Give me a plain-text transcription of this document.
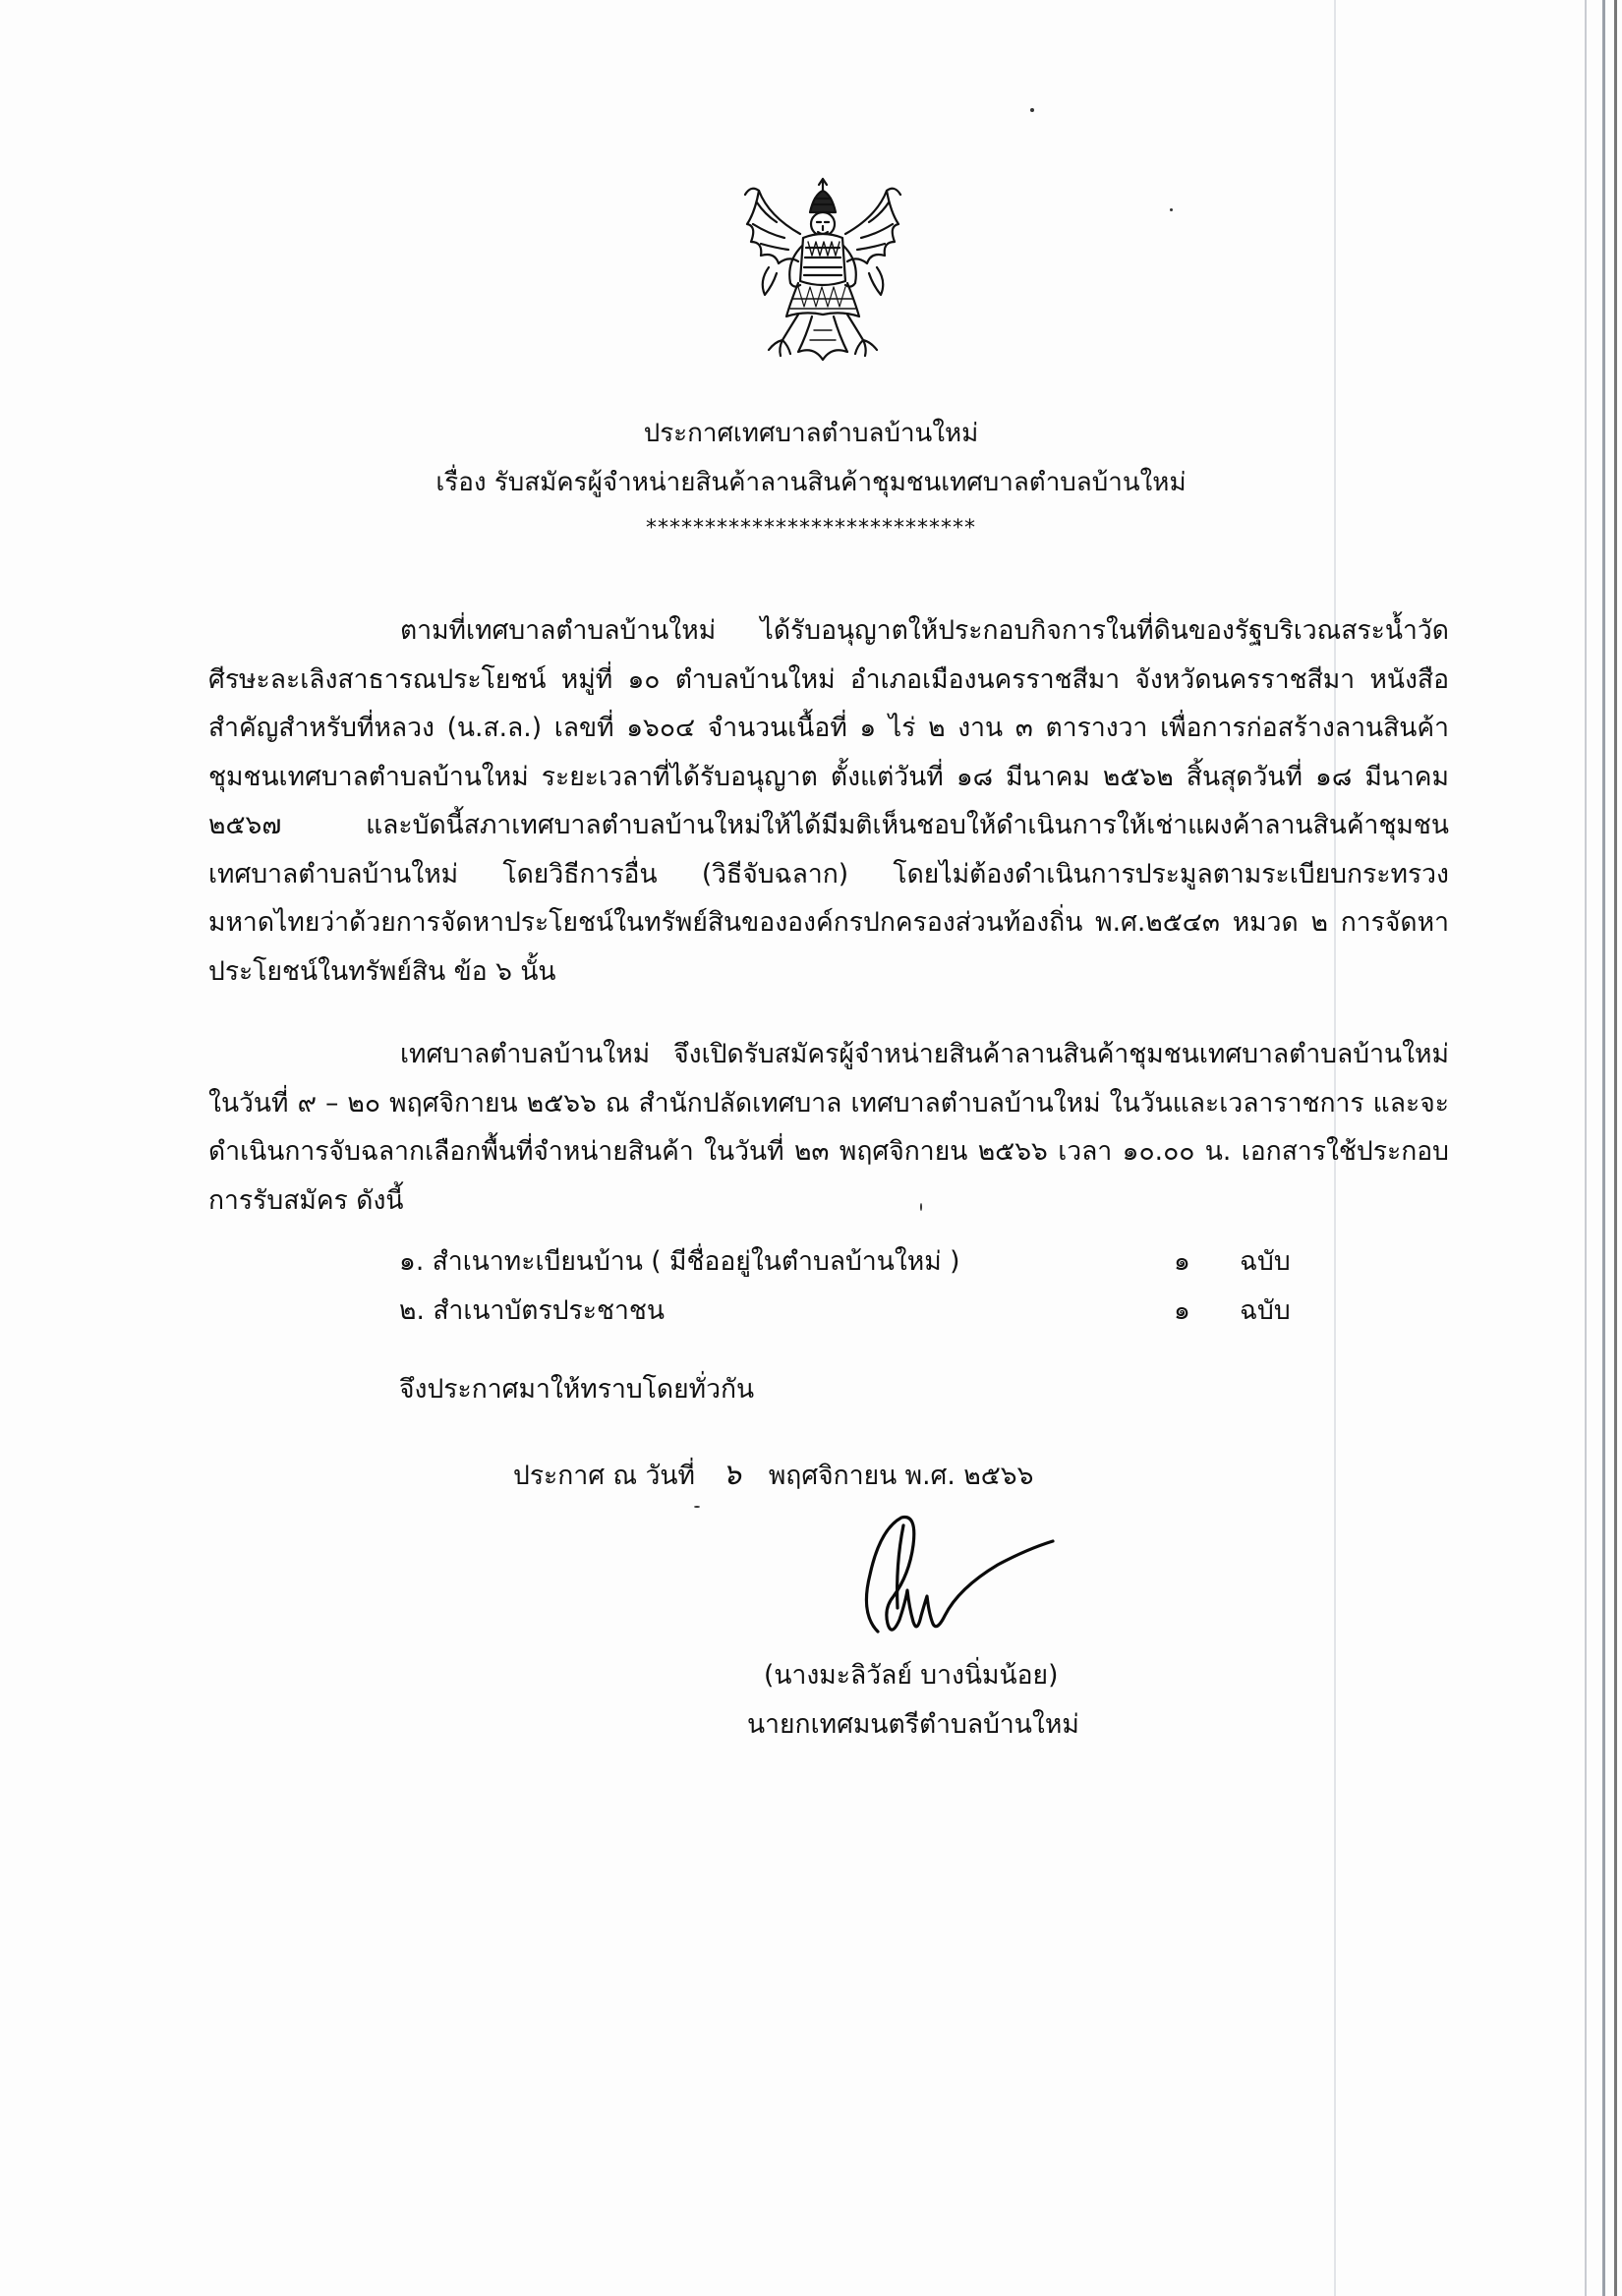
ประกาศเทศบาลตำบลบ้านใหม่
เรื่อง รับสมัครผู้จำหน่ายสินค้าลานสินค้าชุมชนเทศบาลตำบลบ้านใหม่
****************************

ตามที่เทศบาลตำบลบ้านใหม่ ได้รับอนุญาตให้ประกอบกิจการในที่ดินของรัฐบริเวณสระน้ำวัดศีรษะละเลิงสาธารณประโยชน์ หมู่ที่ ๑๐ ตำบลบ้านใหม่ อำเภอเมืองนครราชสีมา จังหวัดนครราชสีมา หนังสือสำคัญสำหรับที่หลวง (น.ส.ล.) เลขที่ ๑๖๐๔ จำนวนเนื้อที่ ๑ ไร่ ๒ งาน ๓ ตารางวา เพื่อการก่อสร้างลานสินค้าชุมชนเทศบาลตำบลบ้านใหม่ ระยะเวลาที่ได้รับอนุญาต ตั้งแต่วันที่ ๑๘ มีนาคม ๒๕๖๒ สิ้นสุดวันที่ ๑๘ มีนาคม ๒๕๖๗ และบัดนี้สภาเทศบาลตำบลบ้านใหม่ให้ได้มีมติเห็นชอบให้ดำเนินการให้เช่าแผงค้าลานสินค้าชุมชนเทศบาลตำบลบ้านใหม่ โดยวิธีการอื่น (วิธีจับฉลาก) โดยไม่ต้องดำเนินการประมูลตามระเบียบกระทรวงมหาดไทยว่าด้วยการจัดหาประโยชน์ในทรัพย์สินขององค์กรปกครองส่วนท้องถิ่น พ.ศ.๒๕๔๓ หมวด ๒ การจัดหาประโยชน์ในทรัพย์สิน ข้อ ๖ นั้น

เทศบาลตำบลบ้านใหม่ จึงเปิดรับสมัครผู้จำหน่ายสินค้าลานสินค้าชุมชนเทศบาลตำบลบ้านใหม่ ในวันที่ ๙ – ๒๐ พฤศจิกายน ๒๕๖๖ ณ สำนักปลัดเทศบาล เทศบาลตำบลบ้านใหม่ ในวันและเวลาราชการ และจะดำเนินการจับฉลากเลือกพื้นที่จำหน่ายสินค้า ในวันที่ ๒๓ พฤศจิกายน ๒๕๖๖ เวลา ๑๐.๐๐ น. เอกสารใช้ประกอบการรับสมัคร ดังนี้

๑. สำเนาทะเบียนบ้าน ( มีชื่ออยู่ในตำบลบ้านใหม่ )	๑ ฉบับ
๒. สำเนาบัตรประชาชน	๑ ฉบับ
จึงประกาศมาให้ทราบโดยทั่วกัน
ประกาศ ณ วันที่ ๖ พฤศจิกายน พ.ศ. ๒๕๖๖
(นางมะลิวัลย์ บางนิ่มน้อย)
นายกเทศมนตรีตำบลบ้านใหม่
